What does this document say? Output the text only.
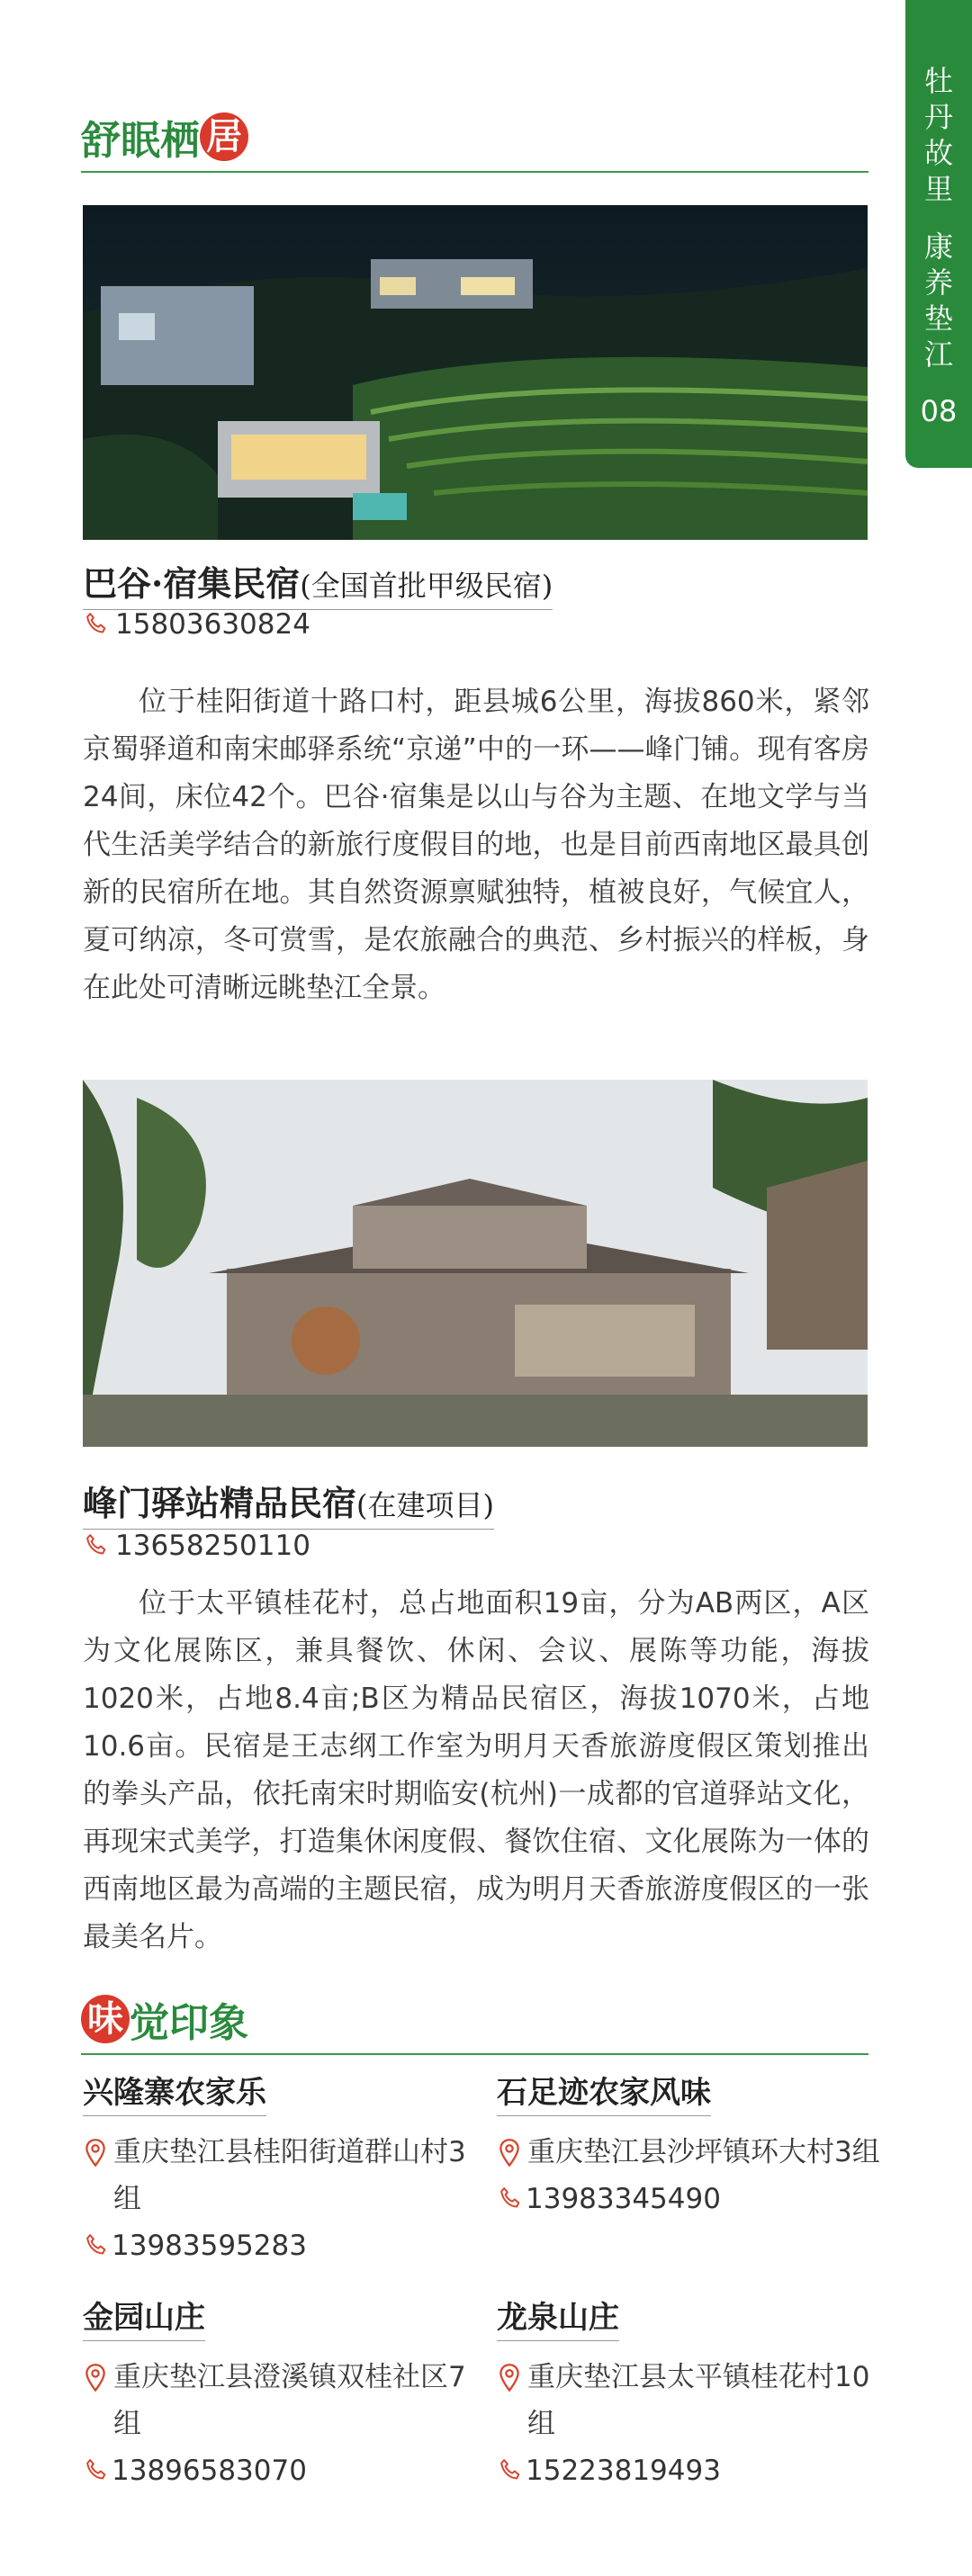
牡
丹
故
里
康
养
垫
江
08
舒眠栖 居
巴谷·宿集民宿(全国首批甲级民宿)
15803630824

位于桂阳街道十路口村，距县城6公里，海拔860米，紧邻京蜀驿道和南宋邮驿系统“京递”中的一环——峰门铺。现有客房24间，床位42个。巴谷·宿集是以山与谷为主题、在地文学与当代生活美学结合的新旅行度假目的地，也是目前西南地区最具创新的民宿所在地。其自然资源禀赋独特，植被良好，气候宜人，夏可纳凉，冬可赏雪，是农旅融合的典范、乡村振兴的样板，身在此处可清晰远眺垫江全景。

峰门驿站精品民宿(在建项目)
13658250110

位于太平镇桂花村，总占地面积19亩，分为AB两区，A区为文化展陈区，兼具餐饮、休闲、会议、展陈等功能，海拔1020米，占地8.4亩;B区为精品民宿区，海拔1070米，占地10.6亩。民宿是王志纲工作室为明月天香旅游度假区策划推出的拳头产品，依托南宋时期临安(杭州)一成都的官道驿站文化，再现宋式美学，打造集休闲度假、餐饮住宿、文化展陈为一体的西南地区最为高端的主题民宿，成为明月天香旅游度假区的一张最美名片。

味 觉印象
兴隆寨农家乐
重庆垫江县桂阳街道群山村3组
13983595283
石足迹农家风味
重庆垫江县沙坪镇环大村3组
13983345490
金园山庄
重庆垫江县澄溪镇双桂社区7组
13896583070
龙泉山庄
重庆垫江县太平镇桂花村10组
15223819493
